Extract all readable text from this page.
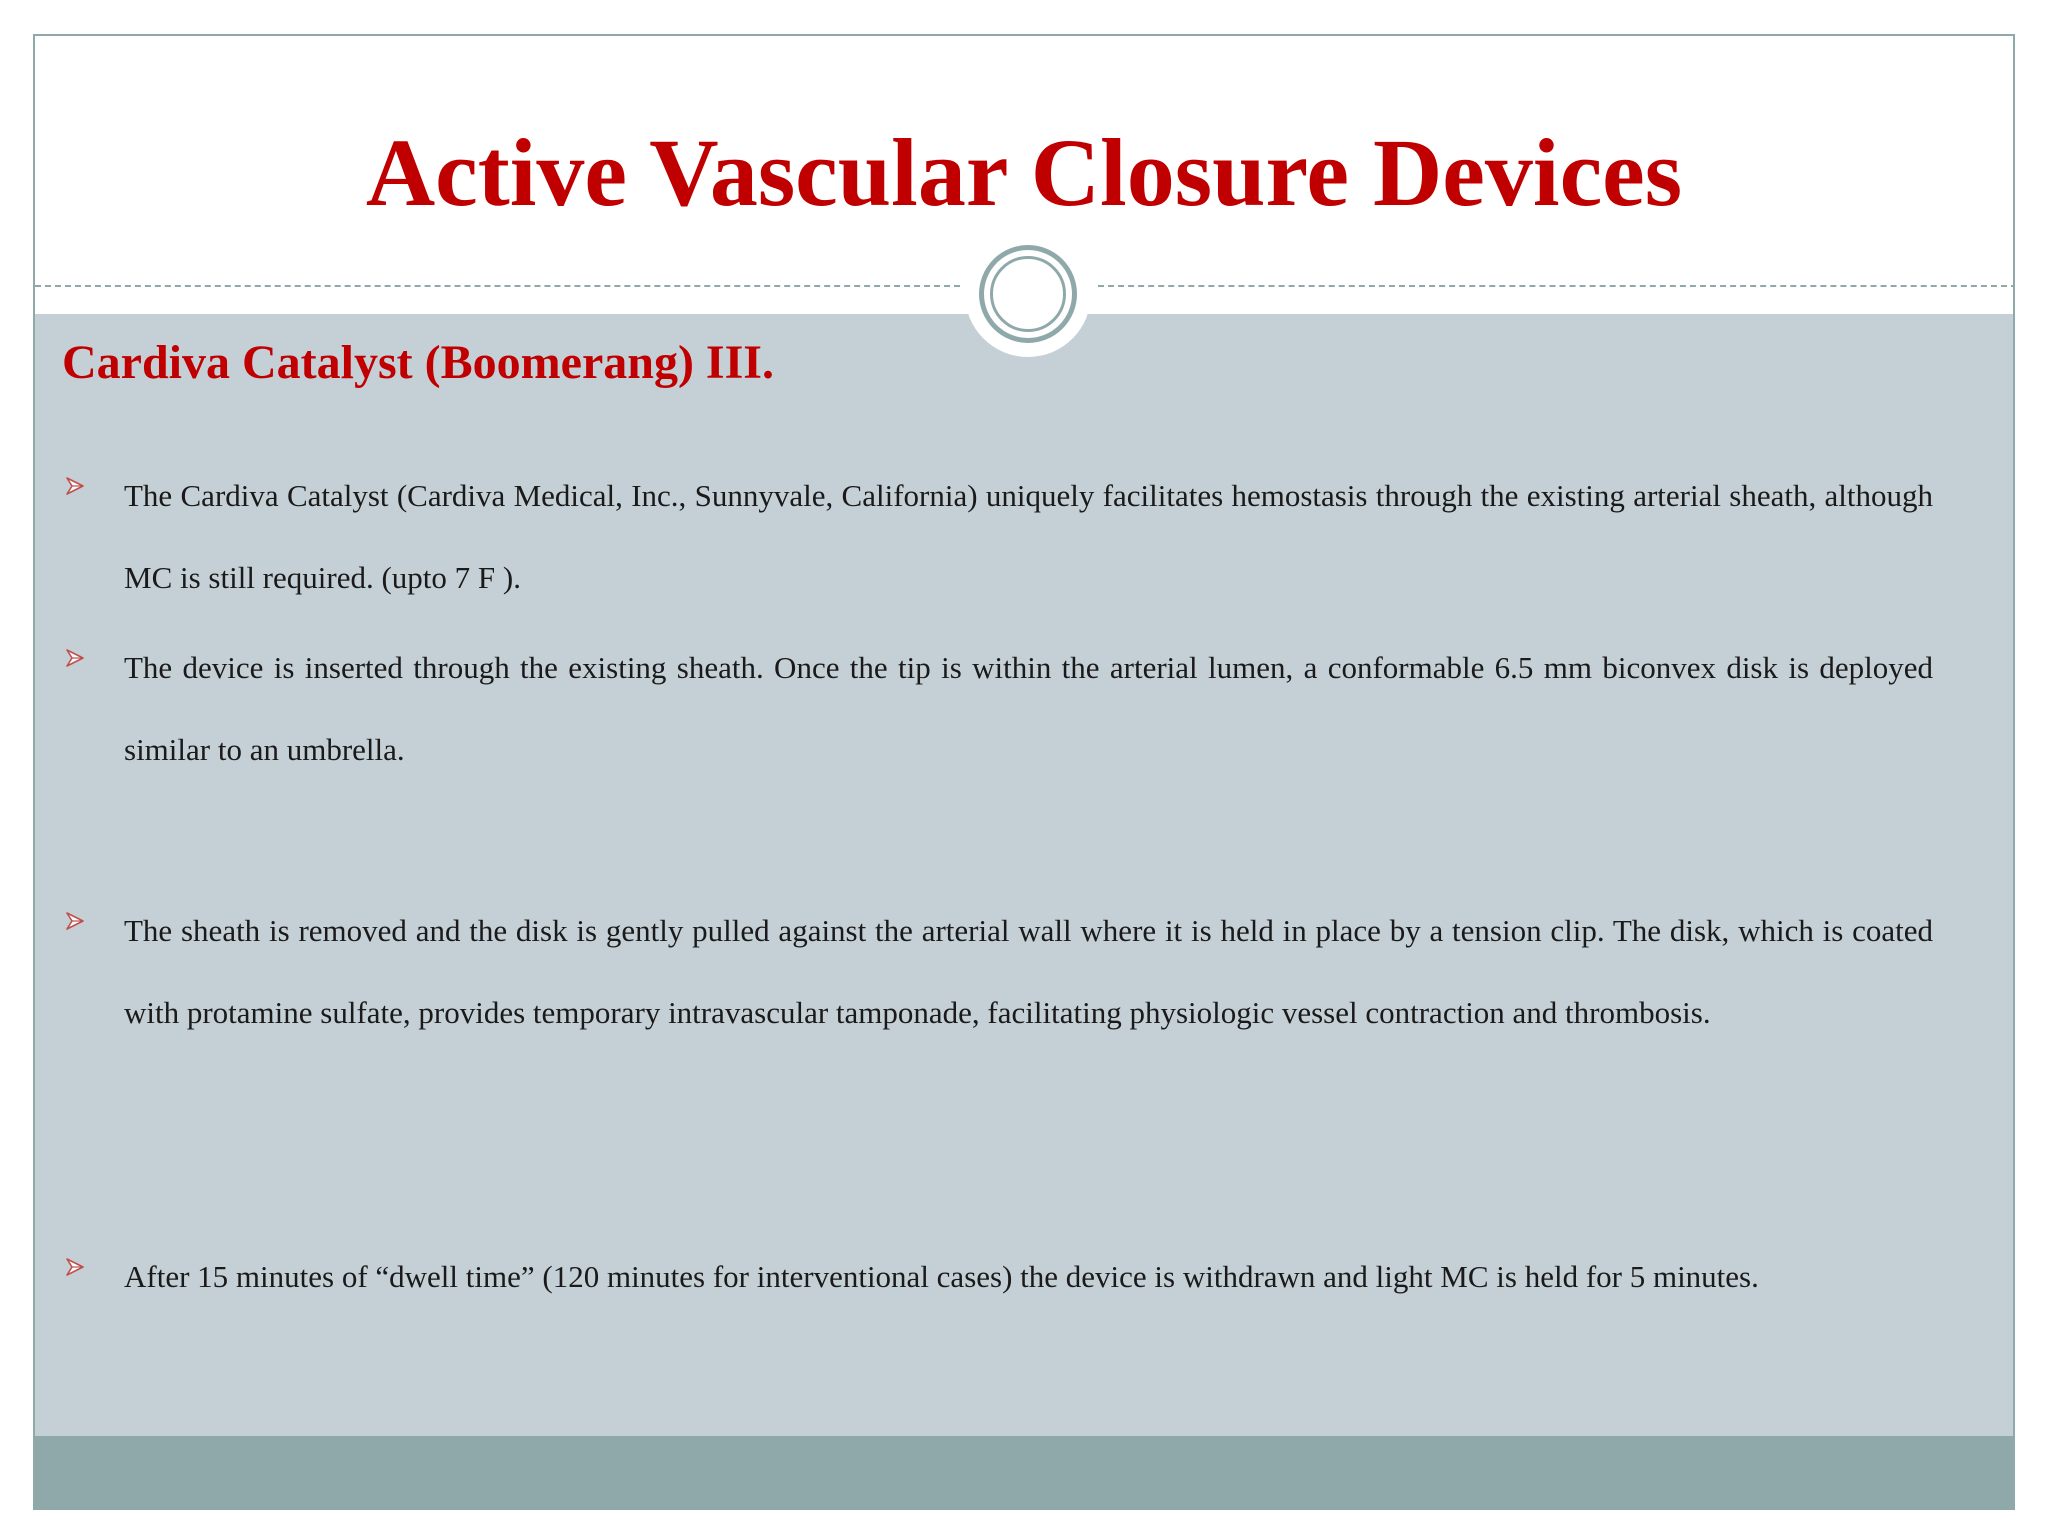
Active Vascular Closure Devices
Cardiva Catalyst (Boomerang) III.

The Cardiva Catalyst (Cardiva Medical, Inc., Sunnyvale, California) uniquely facilitates hemostasis through the existing arterial sheath, although MC is still required. (upto 7 F ).

The device is inserted through the existing sheath. Once the tip is within the arterial lumen, a conformable 6.5 mm biconvex disk is deployed similar to an umbrella.

The sheath is removed and the disk is gently pulled against the arterial wall where it is held in place by a tension clip. The disk, which is coated with protamine sulfate, provides temporary intravascular tamponade, facilitating physiologic vessel contraction and thrombosis.

After 15 minutes of “dwell time” (120 minutes for interventional cases) the device is withdrawn and light MC is held for 5 minutes.
